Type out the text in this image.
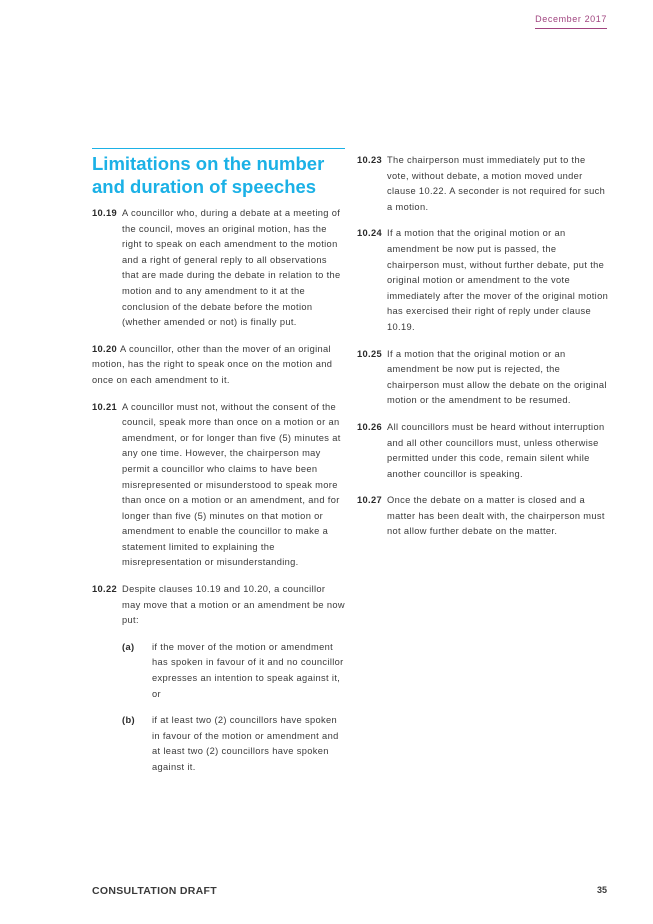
December 2017
Limitations on the number and duration of speeches
10.19 A councillor who, during a debate at a meeting of the council, moves an original motion, has the right to speak on each amendment to the motion and a right of general reply to all observations that are made during the debate in relation to the motion and to any amendment to it at the conclusion of the debate before the motion (whether amended or not) is finally put.
10.20 A councillor, other than the mover of an original motion, has the right to speak once on the motion and once on each amendment to it.
10.21 A councillor must not, without the consent of the council, speak more than once on a motion or an amendment, or for longer than five (5) minutes at any one time. However, the chairperson may permit a councillor who claims to have been misrepresented or misunderstood to speak more than once on a motion or an amendment, and for longer than five (5) minutes on that motion or amendment to enable the councillor to make a statement limited to explaining the misrepresentation or misunderstanding.
10.22 Despite clauses 10.19 and 10.20, a councillor may move that a motion or an amendment be now put:
(a)	if the mover of the motion or amendment has spoken in favour of it and no councillor expresses an intention to speak against it, or
(b)	if at least two (2) councillors have spoken in favour of the motion or amendment and at least two (2) councillors have spoken against it.
10.23 The chairperson must immediately put to the vote, without debate, a motion moved under clause 10.22. A seconder is not required for such a motion.
10.24 If a motion that the original motion or an amendment be now put is passed, the chairperson must, without further debate, put the original motion or amendment to the vote immediately after the mover of the original motion has exercised their right of reply under clause 10.19.
10.25 If a motion that the original motion or an amendment be now put is rejected, the chairperson must allow the debate on the original motion or the amendment to be resumed.
10.26 All councillors must be heard without interruption and all other councillors must, unless otherwise permitted under this code, remain silent while another councillor is speaking.
10.27 Once the debate on a matter is closed and a matter has been dealt with, the chairperson must not allow further debate on the matter.
CONSULTATION DRAFT	35
